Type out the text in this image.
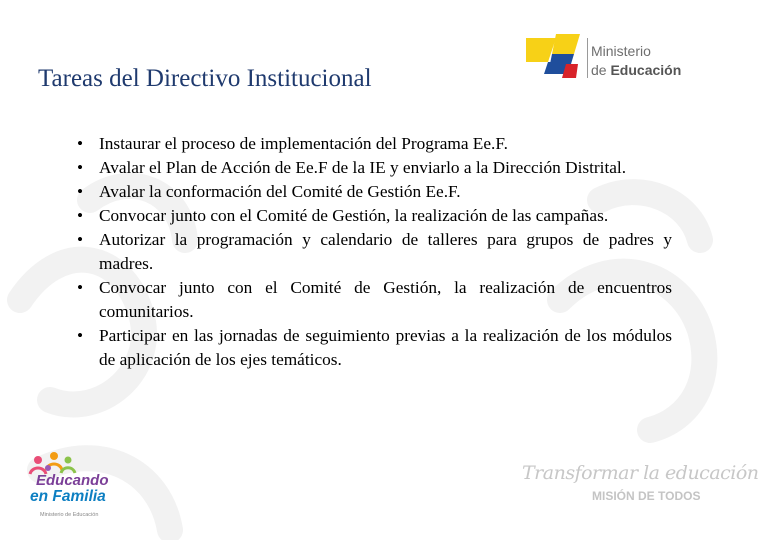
Tareas del Directivo Institucional
Ministerio
de Educación
• Instaurar el proceso de implementación del Programa Ee.F.
• Avalar el Plan de Acción de Ee.F de la IE y enviarlo a la Dirección Distrital.
• Avalar la conformación del Comité de Gestión Ee.F.
• Convocar junto con el Comité de Gestión, la realización de las campañas.
• Autorizar la programación y calendario de talleres para grupos de padres y madres.
• Convocar junto con el Comité de Gestión, la realización de encuentros comunitarios.
• Participar en las jornadas de seguimiento previas a la realización de los módulos de aplicación de los ejes temáticos.
Educando
en Familia
Ministerio de Educación
Transformar la educación
MISIÓN DE TODOS
